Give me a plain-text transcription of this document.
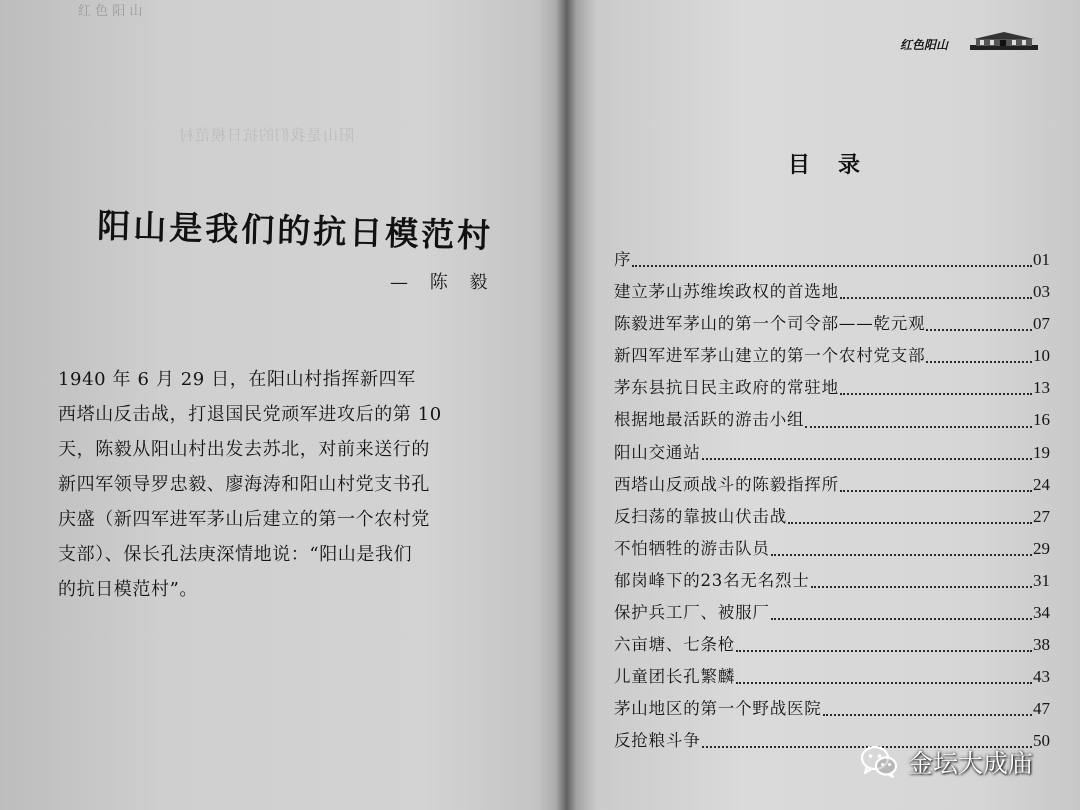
红 色 阳 山
阳山是我们的抗日模范村
阳山是我们的抗日模范村
— 陈 毅
1940 年 6 月 29 日，在阳山村指挥新四军
西塔山反击战，打退国民党顽军进攻后的第 10
天，陈毅从阳山村出发去苏北，对前来送行的
新四军领导罗忠毅、廖海涛和阳山村党支书孔
庆盛（新四军进军茅山后建立的第一个农村党
支部）、保长孔法庚深情地说：“阳山是我们
的抗日模范村”。
红色阳山
目录
序	01
建立茅山苏维埃政权的首选地	03
陈毅进军茅山的第一个司令部——乾元观	07
新四军进军茅山建立的第一个农村党支部	10
茅东县抗日民主政府的常驻地	13
根据地最活跃的游击小组	16
阳山交通站	19
西塔山反顽战斗的陈毅指挥所	24
反扫荡的靠披山伏击战	27
不怕牺牲的游击队员	29
郁岗峰下的23名无名烈士	31
保护兵工厂、被服厂	34
六亩塘、七条枪	38
儿童团长孔繁麟	43
茅山地区的第一个野战医院	47
反抢粮斗争	50
金坛大成庙
